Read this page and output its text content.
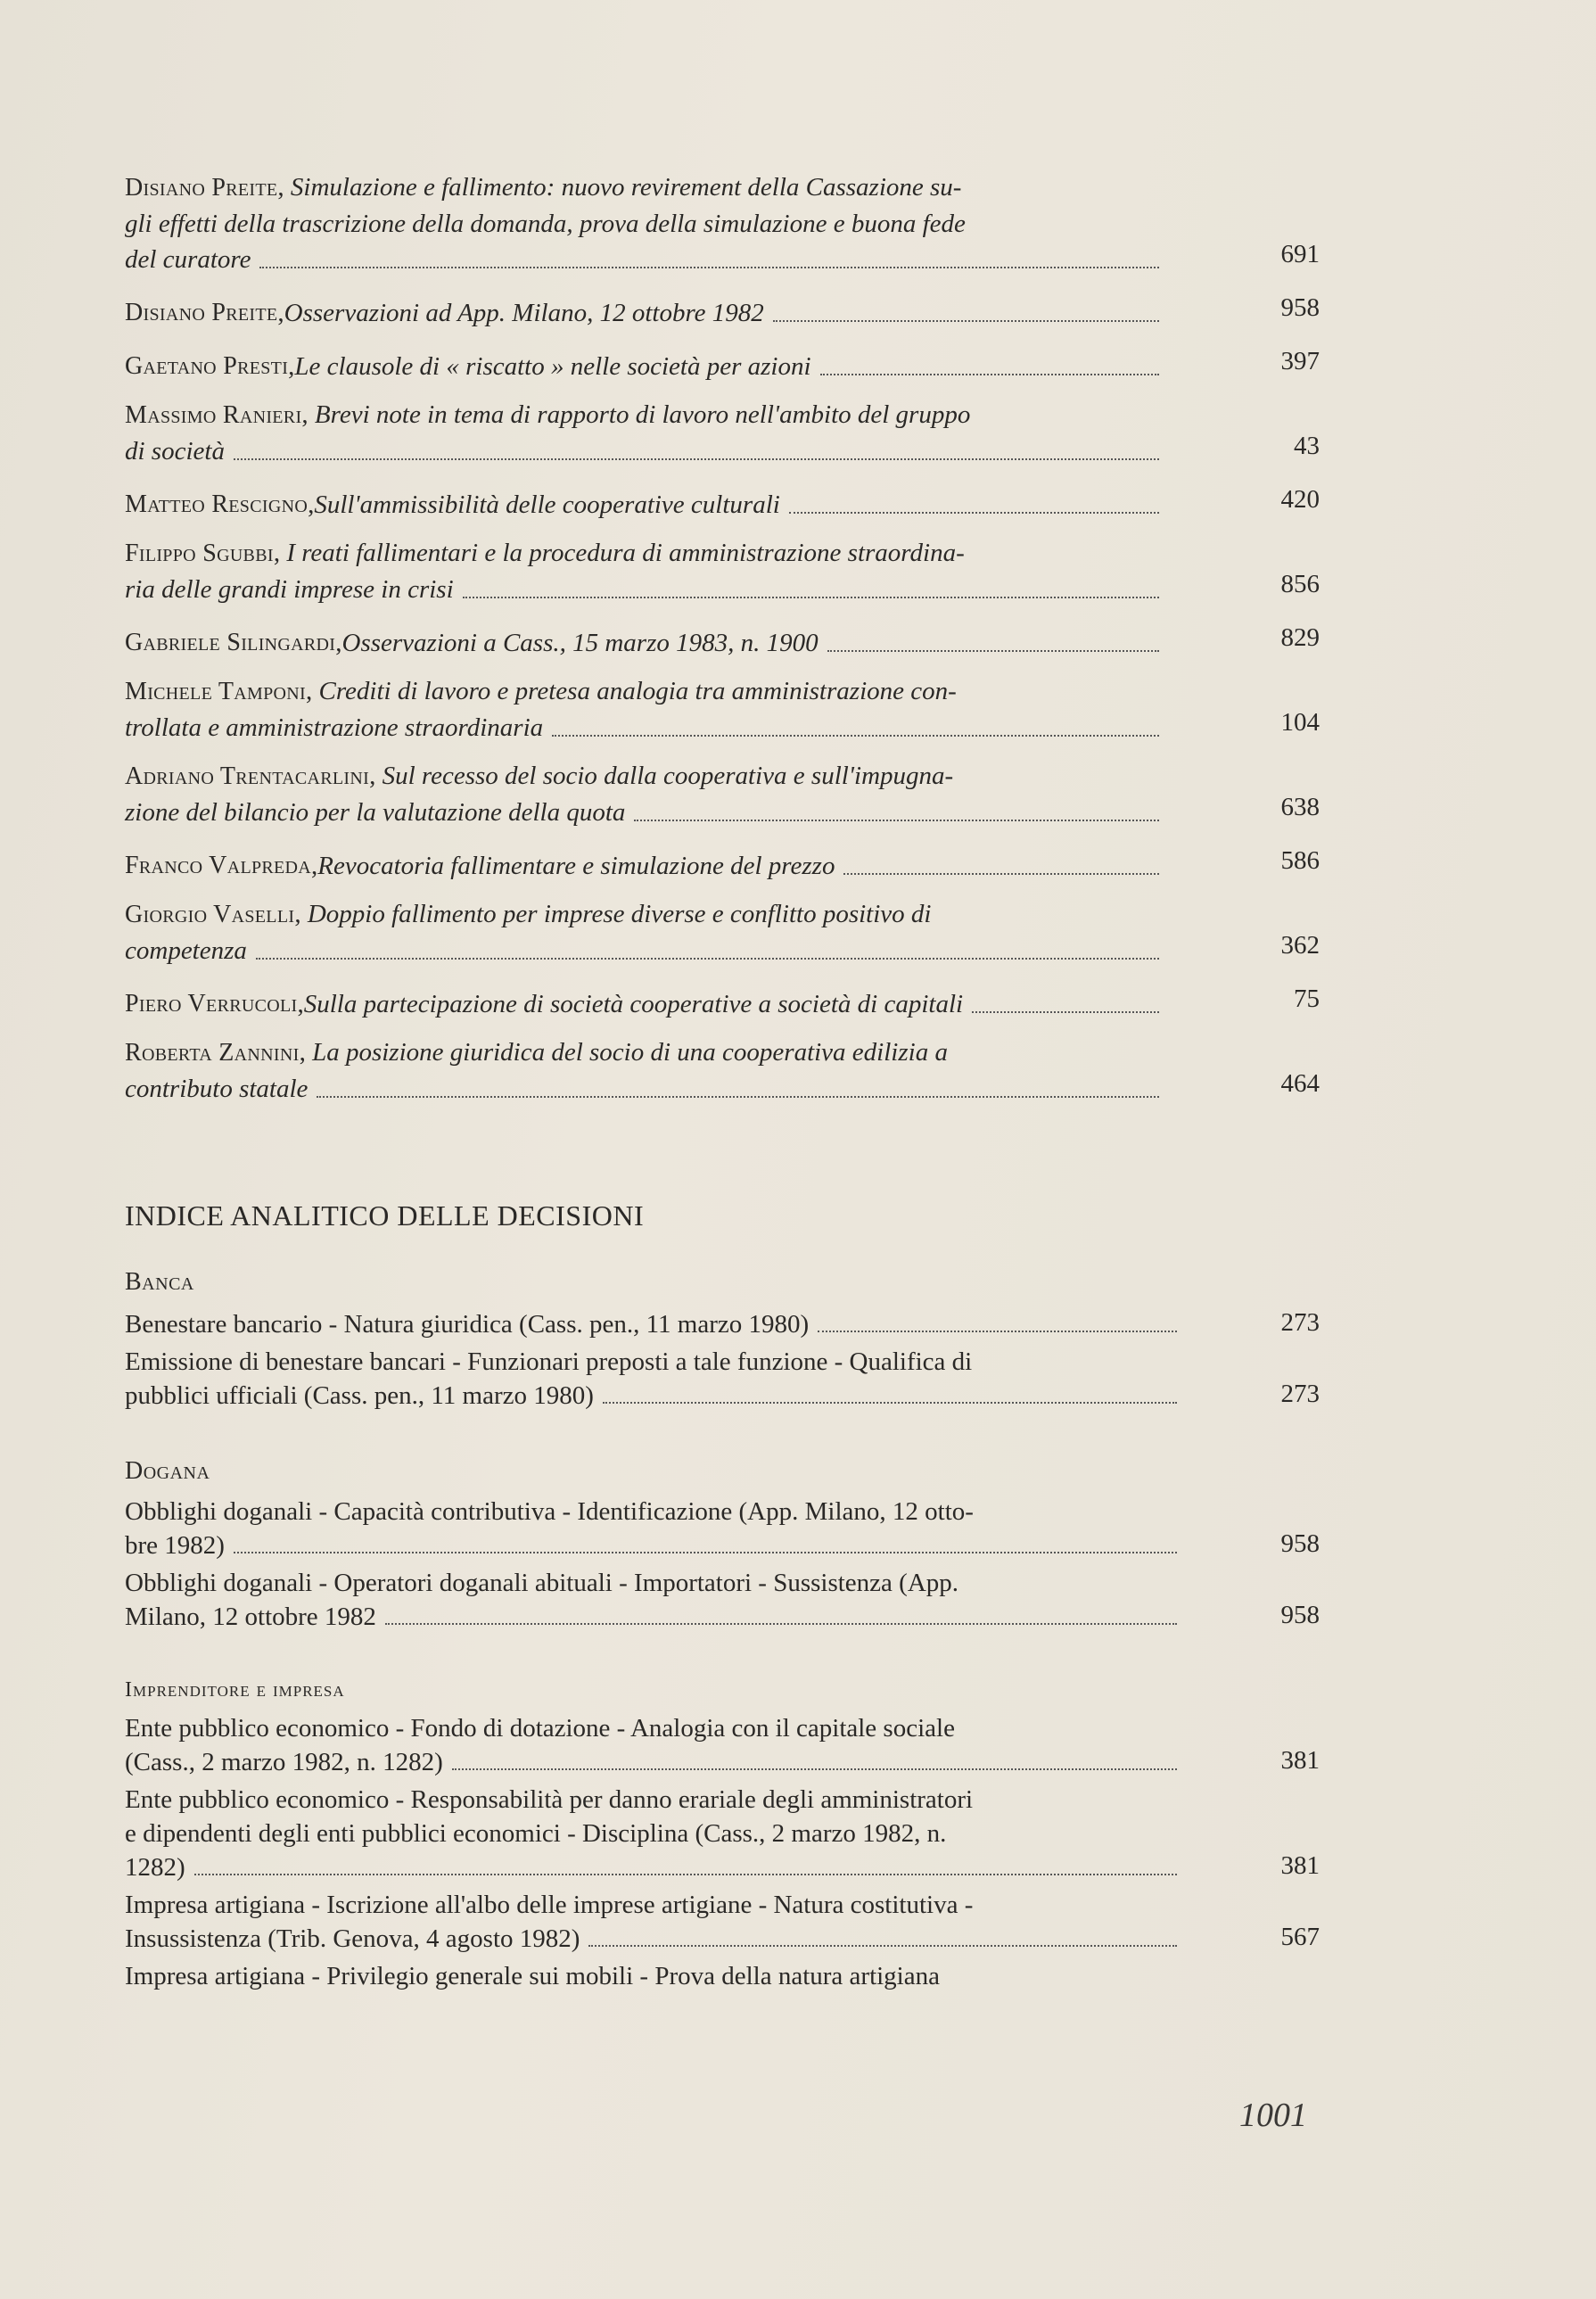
Disiano Preite, Simulazione e fallimento: nuovo revirement della Cassazione su-
gli effetti della trascrizione della domanda, prova della simulazione e buona fede
del curatore	691
Disiano Preite , Osservazioni ad App. Milano, 12 ottobre 1982	958
Gaetano Presti , Le clausole di « riscatto » nelle società per azioni	397
Massimo Ranieri, Brevi note in tema di rapporto di lavoro nell'ambito del gruppo
di società	43
Matteo Rescigno , Sull'ammissibilità delle cooperative culturali	420
Filippo Sgubbi, I reati fallimentari e la procedura di amministrazione straordina-
ria delle grandi imprese in crisi	856
Gabriele Silingardi , Osservazioni a Cass., 15 marzo 1983, n. 1900	829
Michele Tamponi, Crediti di lavoro e pretesa analogia tra amministrazione con-
trollata e amministrazione straordinaria	104
Adriano Trentacarlini, Sul recesso del socio dalla cooperativa e sull'impugna-
zione del bilancio per la valutazione della quota	638
Franco Valpreda , Revocatoria fallimentare e simulazione del prezzo	586
Giorgio Vaselli, Doppio fallimento per imprese diverse e conflitto positivo di
competenza	362
Piero Verrucoli , Sulla partecipazione di società cooperative a società di capitali	75
Roberta Zannini, La posizione giuridica del socio di una cooperativa edilizia a
contributo statale	464
INDICE ANALITICO DELLE DECISIONI
Banca
Benestare bancario - Natura giuridica (Cass. pen., 11 marzo 1980)	273
Emissione di benestare bancari - Funzionari preposti a tale funzione - Qualifica di
pubblici ufficiali (Cass. pen., 11 marzo 1980)	273
Dogana
Obblighi doganali - Capacità contributiva - Identificazione (App. Milano, 12 otto-
bre 1982)	958
Obblighi doganali - Operatori doganali abituali - Importatori - Sussistenza (App.
Milano, 12 ottobre 1982	958
Imprenditore e impresa
Ente pubblico economico - Fondo di dotazione - Analogia con il capitale sociale
(Cass., 2 marzo 1982, n. 1282)	381
Ente pubblico economico - Responsabilità per danno erariale degli amministratori
e dipendenti degli enti pubblici economici - Disciplina (Cass., 2 marzo 1982, n.
1282)	381
Impresa artigiana - Iscrizione all'albo delle imprese artigiane - Natura costitutiva -
Insussistenza (Trib. Genova, 4 agosto 1982)	567
Impresa artigiana - Privilegio generale sui mobili - Prova della natura artigiana
1001
